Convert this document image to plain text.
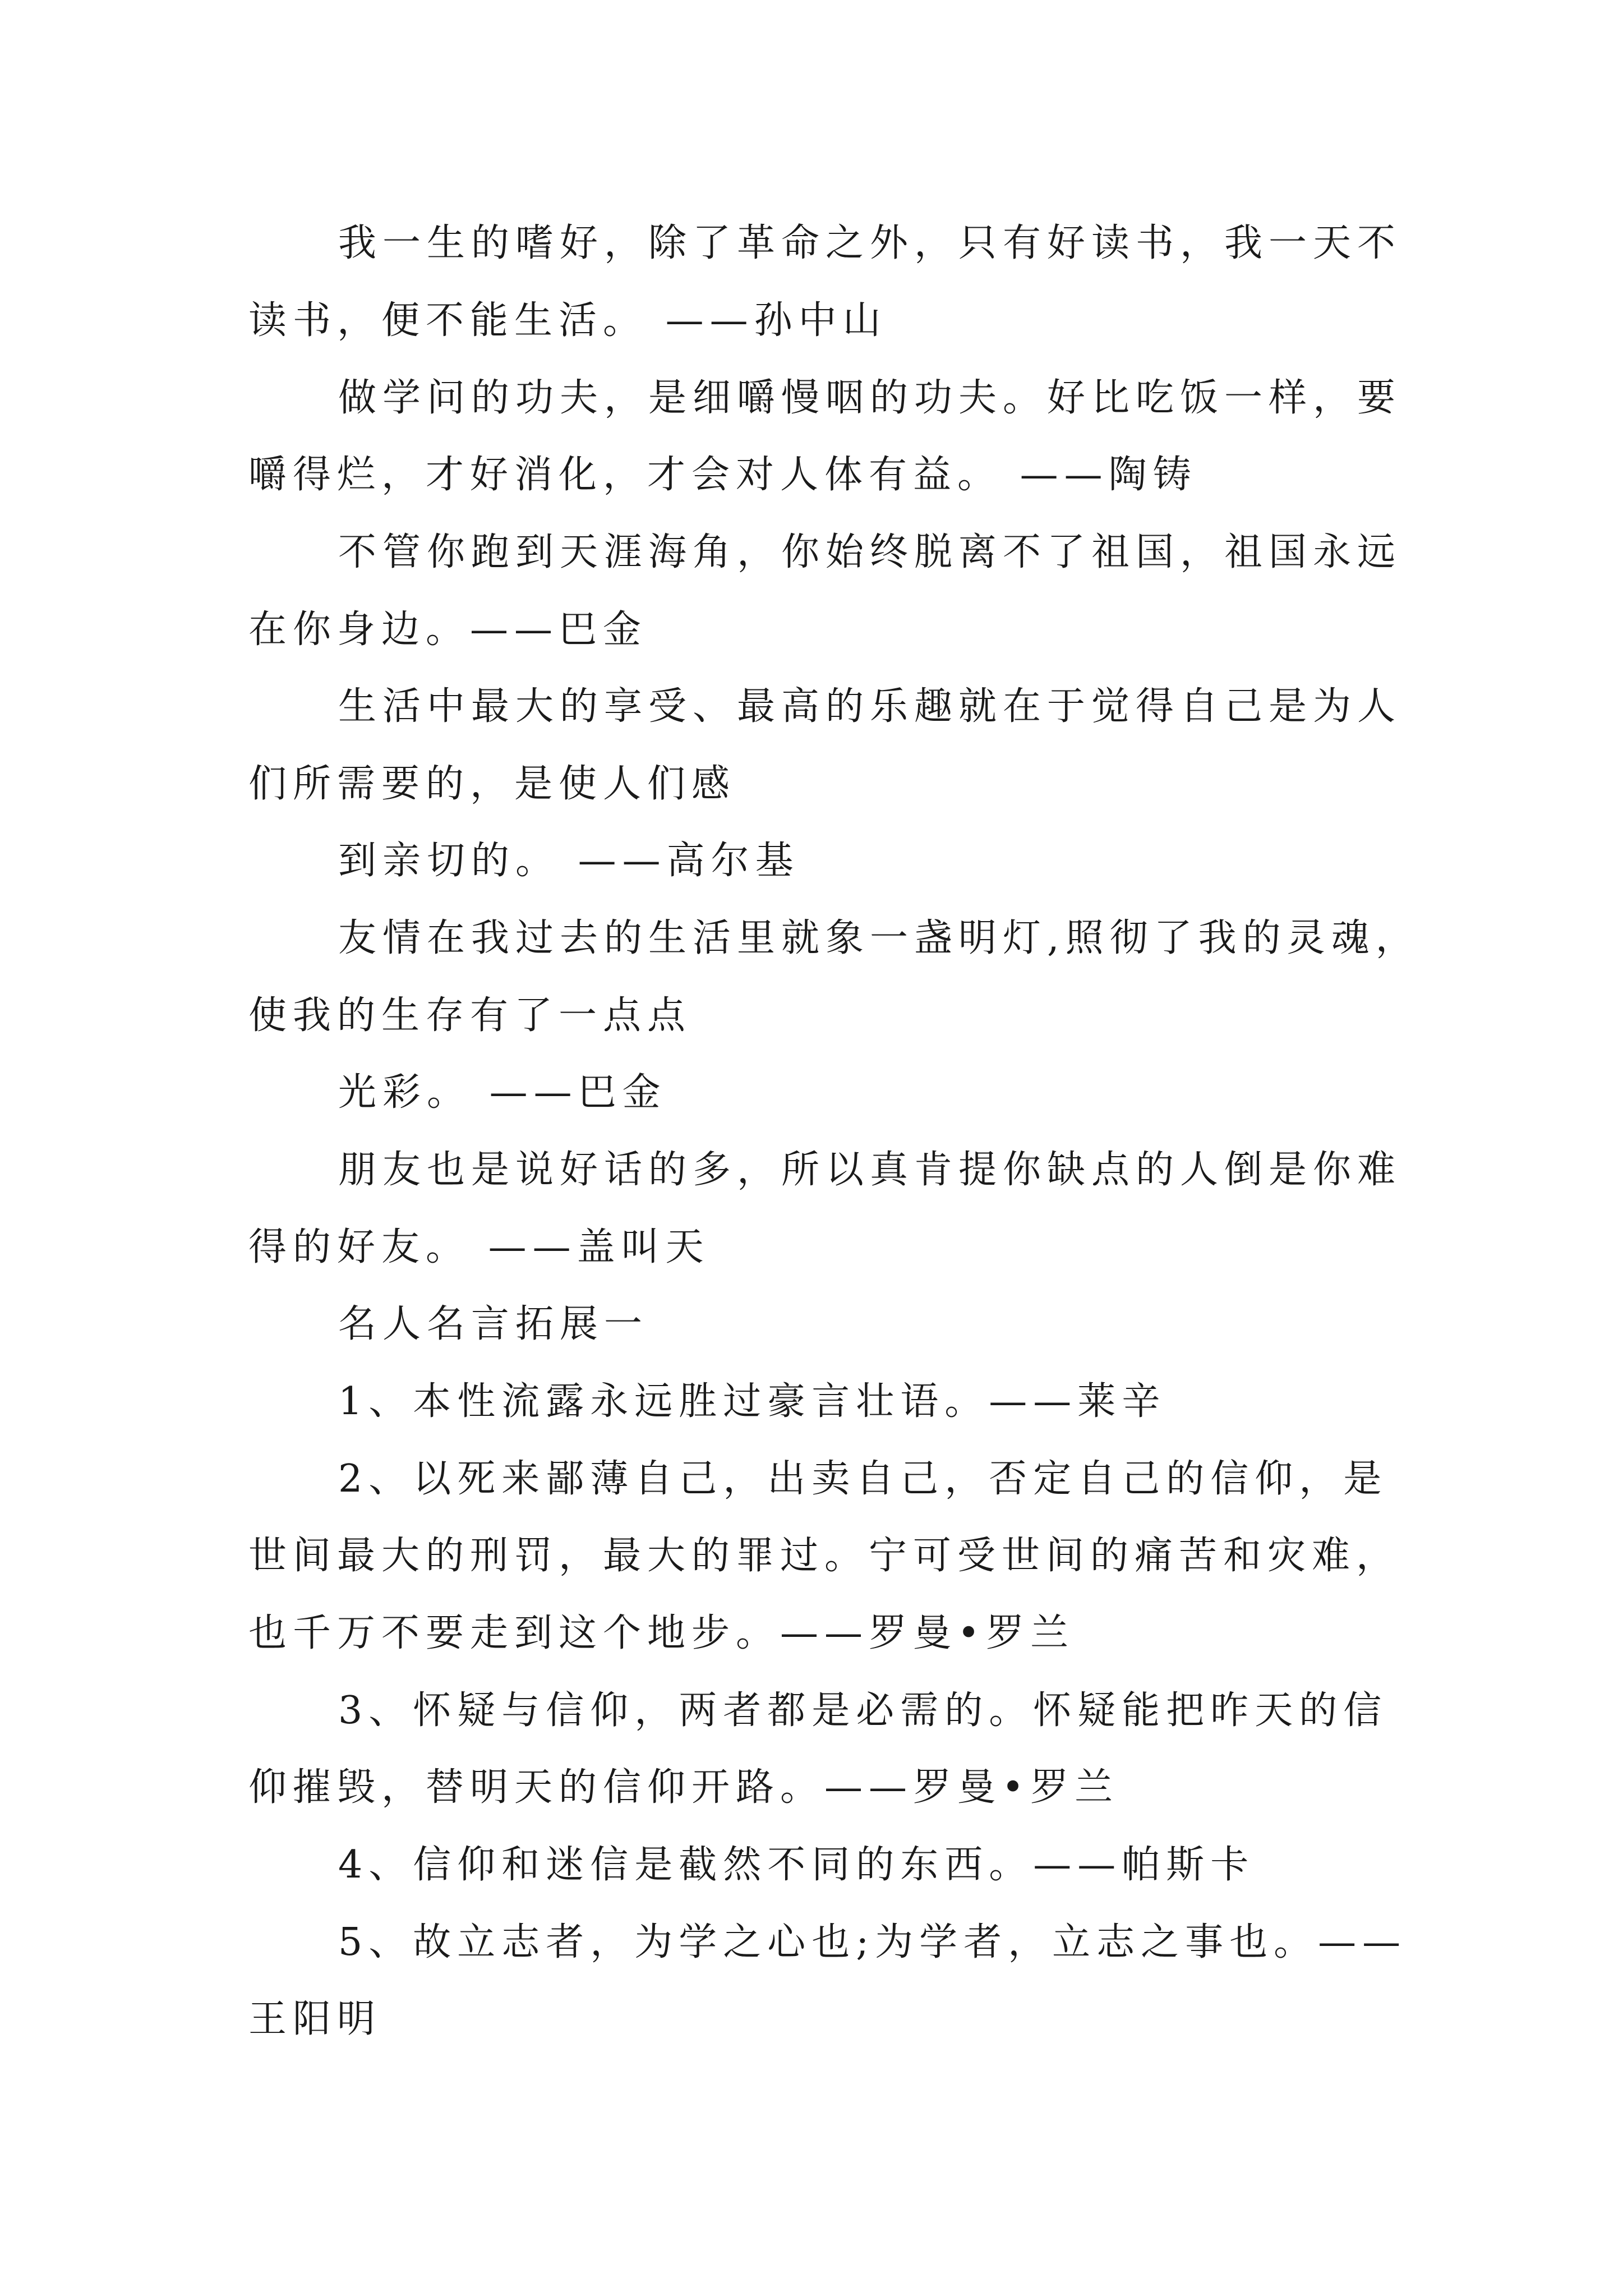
我一生的嗜好，除了革命之外，只有好读书，我一天不
读书，便不能生活。 ——孙中山
做学问的功夫，是细嚼慢咽的功夫。好比吃饭一样，要
嚼得烂，才好消化，才会对人体有益。 ——陶铸
不管你跑到天涯海角，你始终脱离不了祖国，祖国永远
在你身边。——巴金
生活中最大的享受、最高的乐趣就在于觉得自己是为人
们所需要的，是使人们感
到亲切的。 ——高尔基
友情在我过去的生活里就象一盏明灯,照彻了我的灵魂，
使我的生存有了一点点
光彩。 ——巴金
朋友也是说好话的多，所以真肯提你缺点的人倒是你难
得的好友。 ——盖叫天
名人名言拓展一
1、本性流露永远胜过豪言壮语。——莱辛
2、以死来鄙薄自己，出卖自己，否定自己的信仰，是
世间最大的刑罚，最大的罪过。宁可受世间的痛苦和灾难，
也千万不要走到这个地步。——罗曼•罗兰
3、怀疑与信仰，两者都是必需的。怀疑能把昨天的信
仰摧毁，替明天的信仰开路。——罗曼•罗兰
4、信仰和迷信是截然不同的东西。——帕斯卡
5、故立志者，为学之心也;为学者，立志之事也。——
王阳明
